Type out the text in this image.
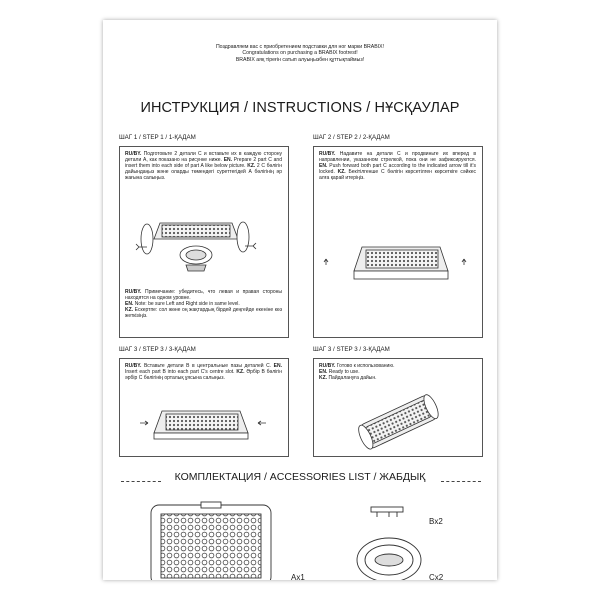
Поздравляем вас с приобретением подставки для ног марки BRABIX!
Congratulations on purchasing a BRABIX footrest!
BRABIX аяқ тіреғін сатып алуыңызбен құттықтаймыз!
ИНСТРУКЦИЯ / INSTRUCTIONS / НҰСҚАУЛАР
ШАГ 1 / STEP 1 / 1-ҚАДАМ
RU/BY. Подготовьте 2 детали С и вставьте их в каждую сторону детали А, как показано на рисунке ниже. EN. Prepare 2 part C and insert them into each side of part A like below picture. KZ. 2 С бөлігін дайындаңыз және оларды төмендегі суреттегідей А бөлігінің әр жағына салыңыз.
RU/BY. Примечание: убедитесь, что левая и правая стороны находятся на одном уровне.
EN. Note: be sure Left and Right side in same level.
KZ. Ескертпе: сол жөне оң жақтардың бірдей деңгейде екеніне көз жеткізіңіз.
ШАГ 2 / STEP 2 / 2-ҚАДАМ
RU/BY. Надавите на детали С и продвиньте их вперед в направлении, указанном стрелкой, пока они не зафиксируются. EN. Push forward both part C according to the indicated arrow till it's locked. KZ. Бекітілгенше С бөлігін көрсетілген көрсеткіге сәйкес алға қарай итеріңіз.
ШАГ 3 / STEP 3 / 3-ҚАДАМ
RU/BY. Вставьте детали В в центральные пазы деталей С. EN. Insert each part B into each part C's centre slot. KZ. Әрбір В бөлігін әрбір С бөлігінің орталық ұясына салыңыз.
ШАГ 3 / STEP 3 / 3-ҚАДАМ
RU/BY. Готово к использованию.
EN. Ready to use.
KZ. Пайдалануға дайын.
КОМПЛЕКТАЦИЯ / ACCESSORIES LIST / ЖАБДЫҚ
Ax1
Bx2
Cx2
